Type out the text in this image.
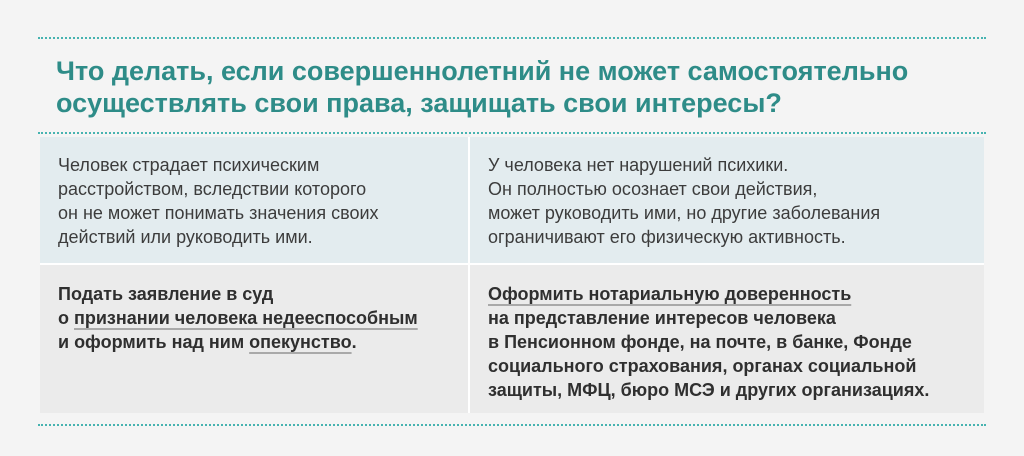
Что делать, если совершеннолетний не может самостоятельно
осуществлять свои права, защищать свои интересы?
Человек страдает психическим
расстройством, вследствии которого
он не может понимать значения своих
действий или руководить ими.
У человека нет нарушений психики.
Он полностью осознает свои действия,
может руководить ими, но другие заболевания
ограничивают его физическую активность.
Подать заявление в суд
о признании человека недееспособным
и оформить над ним опекунство.
Оформить нотариальную доверенность
на представление интересов человека
в Пенсионном фонде, на почте, в банке, Фонде
социального страхования, органах социальной
защиты, МФЦ, бюро МСЭ и других организациях.
